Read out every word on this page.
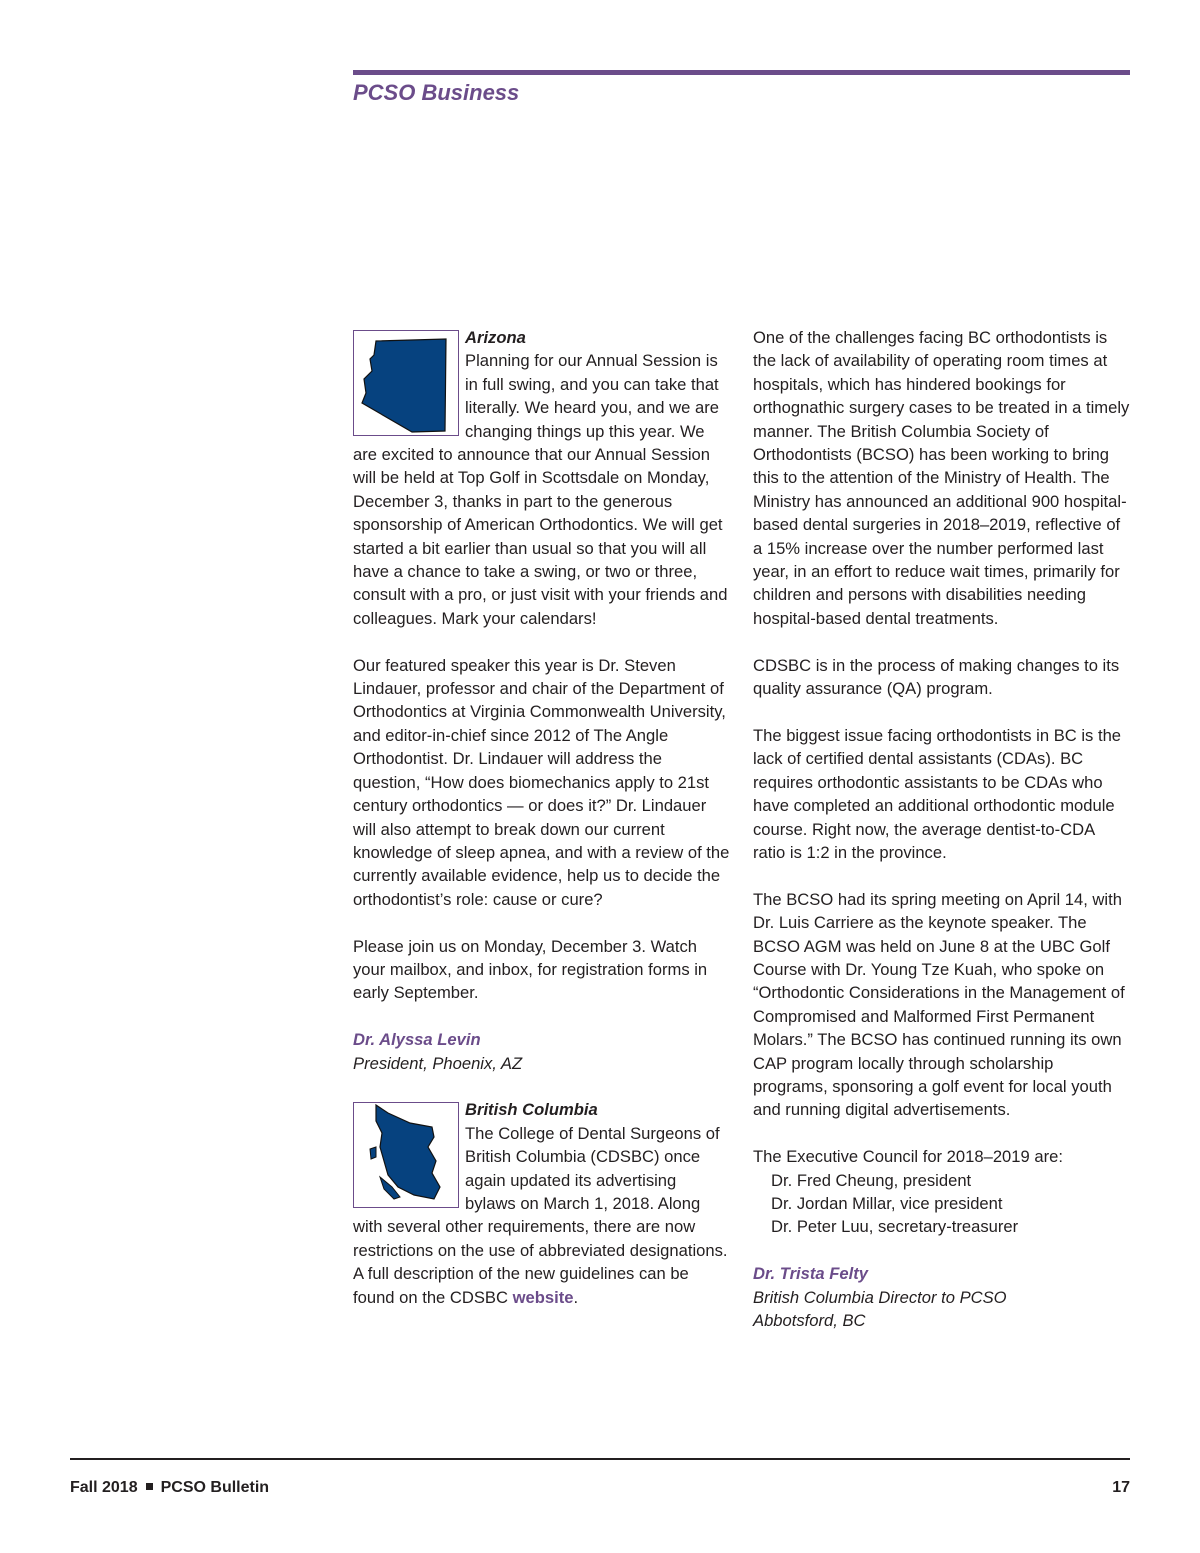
PCSO Business
Arizona

Planning for our Annual Session is in full swing, and you can take that literally. We heard you, and we are changing things up this year. We are excited to announce that our Annual Session will be held at Top Golf in Scottsdale on Monday, December 3, thanks in part to the generous sponsorship of American Orthodontics. We will get started a bit earlier than usual so that you will all have a chance to take a swing, or two or three, consult with a pro, or just visit with your friends and colleagues. Mark your calendars!

Our featured speaker this year is Dr. Steven Lindauer, professor and chair of the Department of Orthodontics at Virginia Commonwealth University, and editor-in-chief since 2012 of The Angle Orthodontist. Dr. Lindauer will address the question, “How does biomechanics apply to 21st century orthodontics — or does it?” Dr. Lindauer will also attempt to break down our current knowledge of sleep apnea, and with a review of the currently available evidence, help us to decide the orthodontist’s role: cause or cure?

Please join us on Monday, December 3. Watch your mailbox, and inbox, for registration forms in early September.

Dr. Alyssa Levin
President, Phoenix, AZ
British Columbia

The College of Dental Surgeons of British Columbia (CDSBC) once again updated its advertising bylaws on March 1, 2018. Along with several other requirements, there are now restrictions on the use of abbreviated designations. A full description of the new guidelines can be found on the CDSBC website.

One of the challenges facing BC orthodontists is the lack of availability of operating room times at hospitals, which has hindered bookings for orthognathic surgery cases to be treated in a timely manner. The British Columbia Society of Orthodontists (BCSO) has been working to bring this to the attention of the Ministry of Health. The Ministry has announced an additional 900 hospital-based dental surgeries in 2018–2019, reflective of a 15% increase over the number performed last year, in an effort to reduce wait times, primarily for children and persons with disabilities needing hospital-based dental treatments.

CDSBC is in the process of making changes to its quality assurance (QA) program.

The biggest issue facing orthodontists in BC is the lack of certified dental assistants (CDAs). BC requires orthodontic assistants to be CDAs who have completed an additional orthodontic module course. Right now, the average dentist-to-CDA ratio is 1:2 in the province.

The BCSO had its spring meeting on April 14, with Dr. Luis Carriere as the keynote speaker. The BCSO AGM was held on June 8 at the UBC Golf Course with Dr. Young Tze Kuah, who spoke on “Orthodontic Considerations in the Management of Compromised and Malformed First Permanent Molars.” The BCSO has continued running its own CAP program locally through scholarship programs, sponsoring a golf event for local youth and running digital advertisements.

The Executive Council for 2018–2019 are:
Dr. Fred Cheung, president
Dr. Jordan Millar, vice president
Dr. Peter Luu, secretary-treasurer
Dr. Trista Felty
British Columbia Director to PCSO
Abbotsford, BC
Fall 2018 PCSO Bulletin	17
